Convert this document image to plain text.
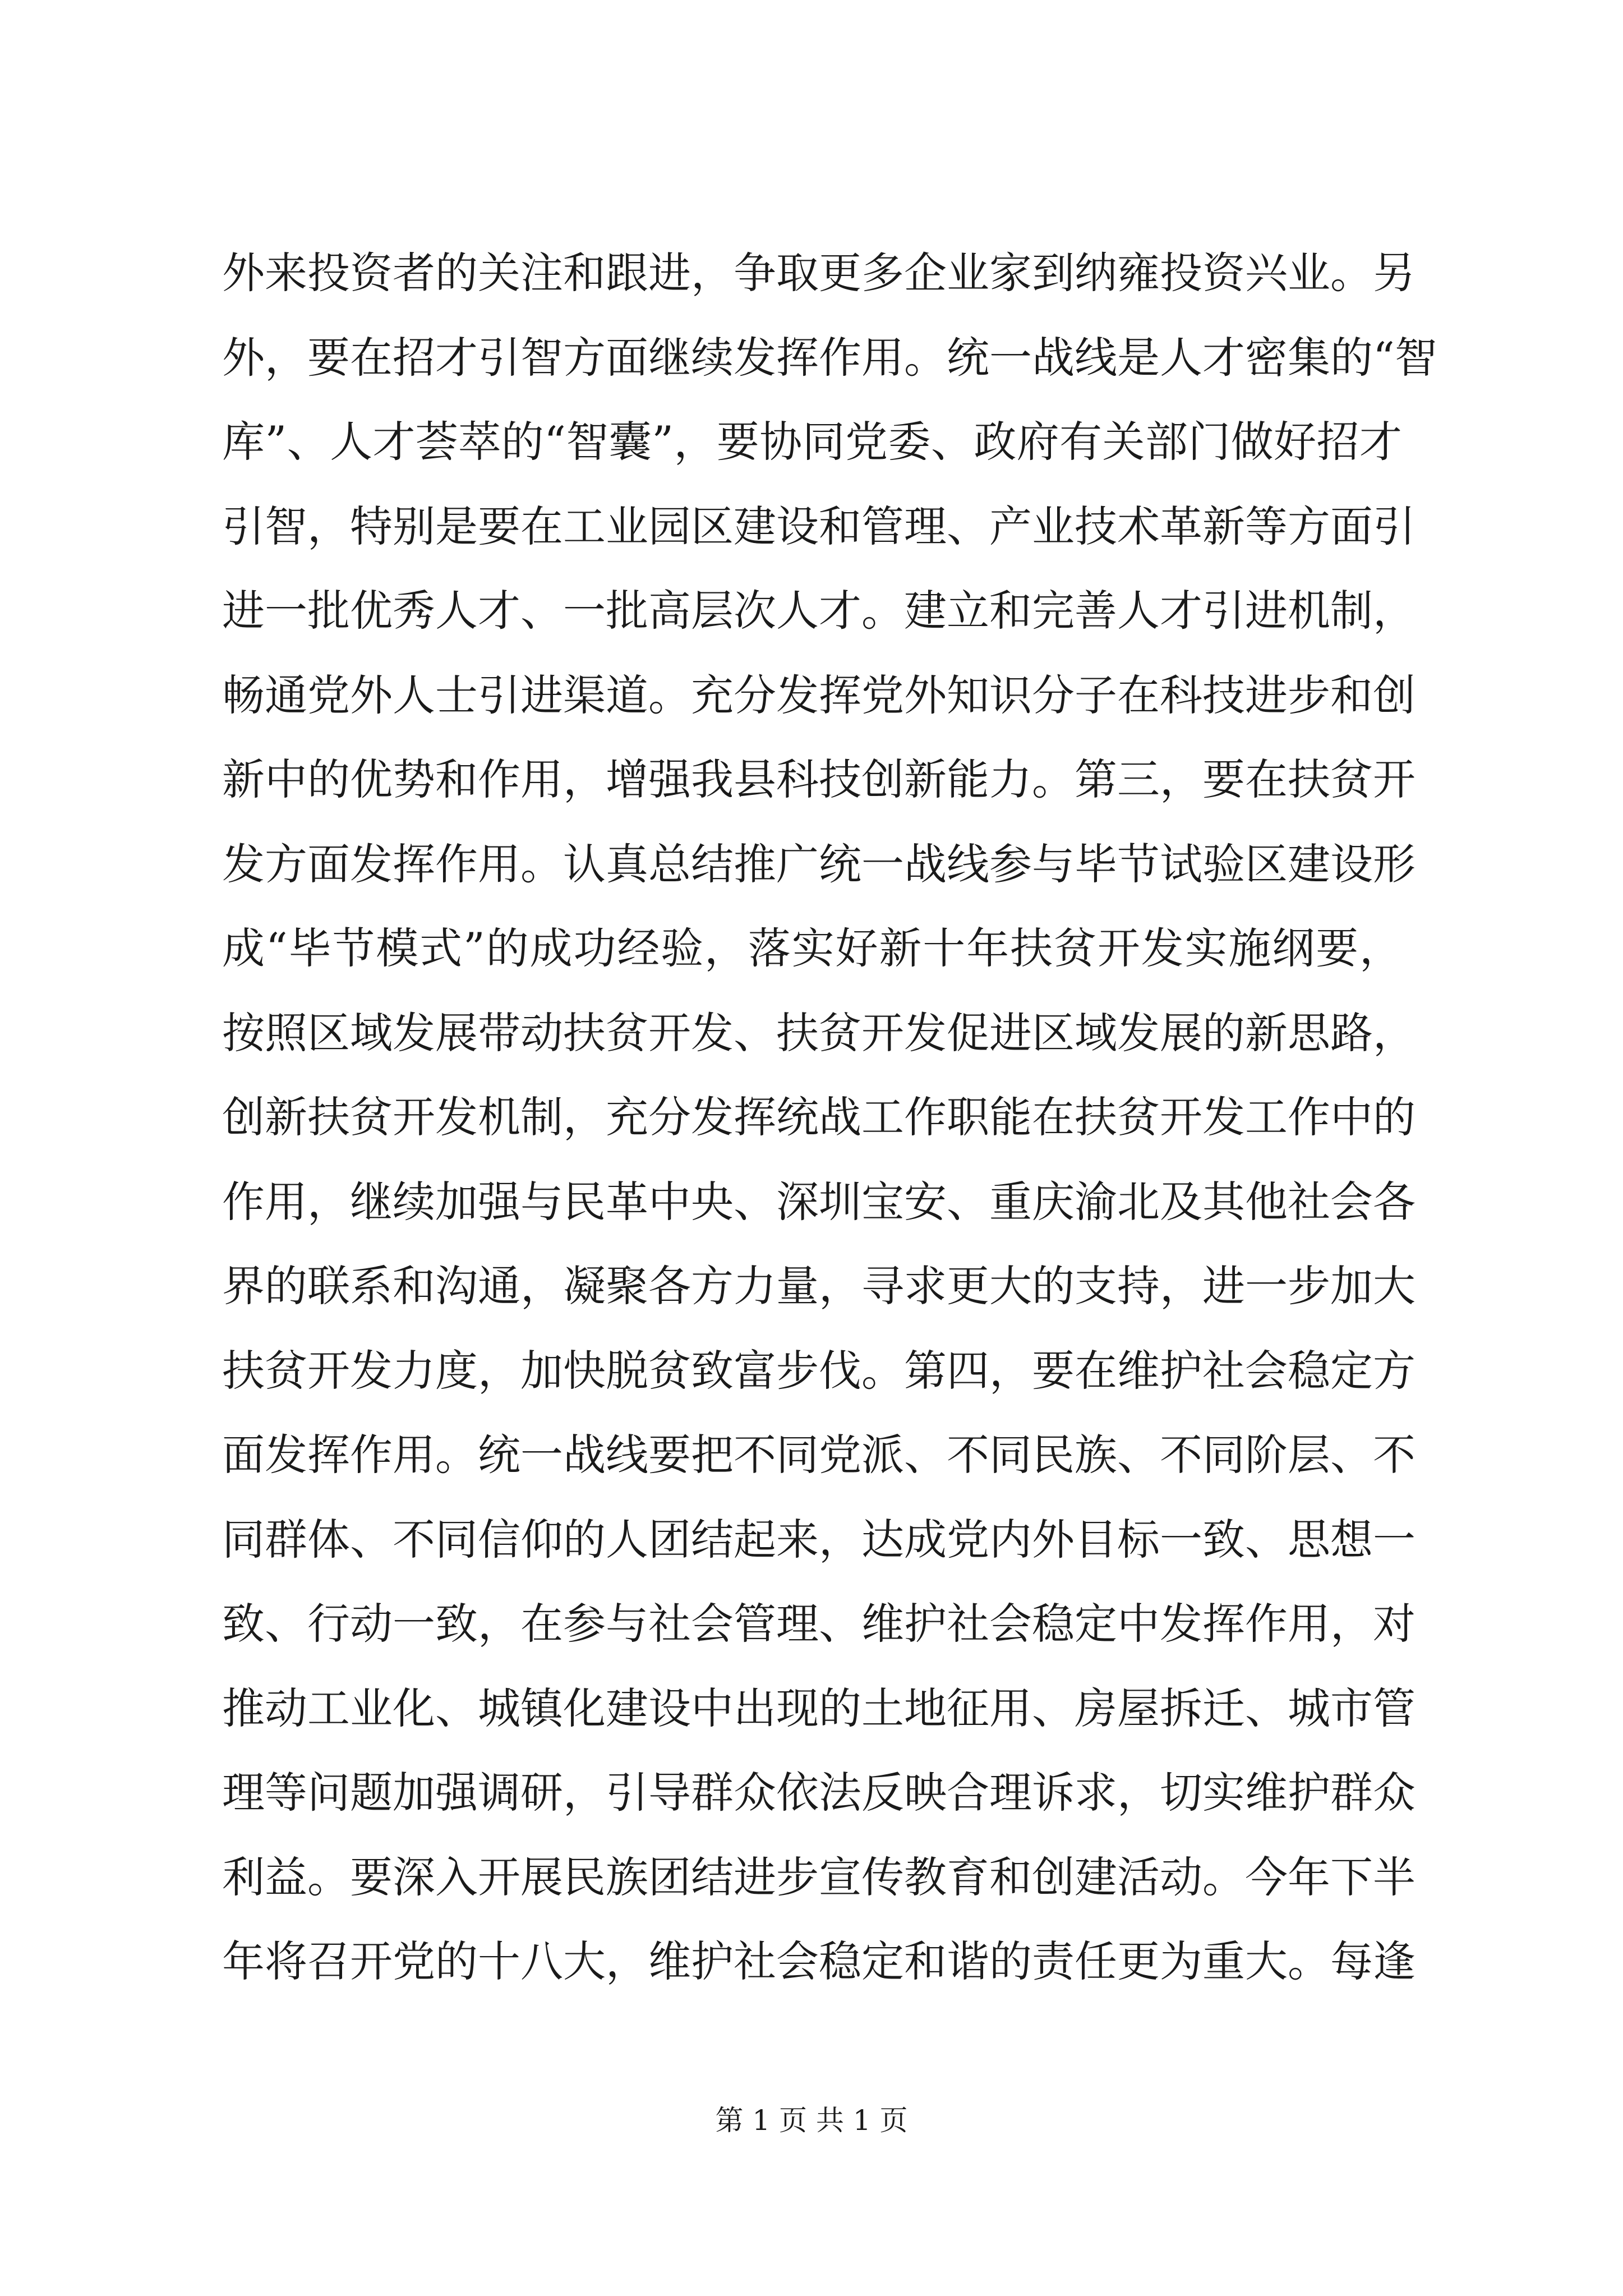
外来投资者的关注和跟进，争取更多企业家到纳雍投资兴业。另
外，要在招才引智方面继续发挥作用。统一战线是人才密集的“智
库”、人才荟萃的“智囊”，要协同党委、政府有关部门做好招才
引智，特别是要在工业园区建设和管理、产业技术革新等方面引
进一批优秀人才、一批高层次人才。建立和完善人才引进机制，
畅通党外人士引进渠道。充分发挥党外知识分子在科技进步和创
新中的优势和作用，增强我县科技创新能力。第三，要在扶贫开
发方面发挥作用。认真总结推广统一战线参与毕节试验区建设形
成“毕节模式”的成功经验，落实好新十年扶贫开发实施纲要，
按照区域发展带动扶贫开发、扶贫开发促进区域发展的新思路，
创新扶贫开发机制，充分发挥统战工作职能在扶贫开发工作中的
作用，继续加强与民革中央、深圳宝安、重庆渝北及其他社会各
界的联系和沟通，凝聚各方力量，寻求更大的支持，进一步加大
扶贫开发力度，加快脱贫致富步伐。第四，要在维护社会稳定方
面发挥作用。统一战线要把不同党派、不同民族、不同阶层、不
同群体、不同信仰的人团结起来，达成党内外目标一致、思想一
致、行动一致，在参与社会管理、维护社会稳定中发挥作用，对
推动工业化、城镇化建设中出现的土地征用、房屋拆迁、城市管
理等问题加强调研，引导群众依法反映合理诉求，切实维护群众
利益。要深入开展民族团结进步宣传教育和创建活动。今年下半
年将召开党的十八大，维护社会稳定和谐的责任更为重大。每逢
第 1 页 共 1 页
